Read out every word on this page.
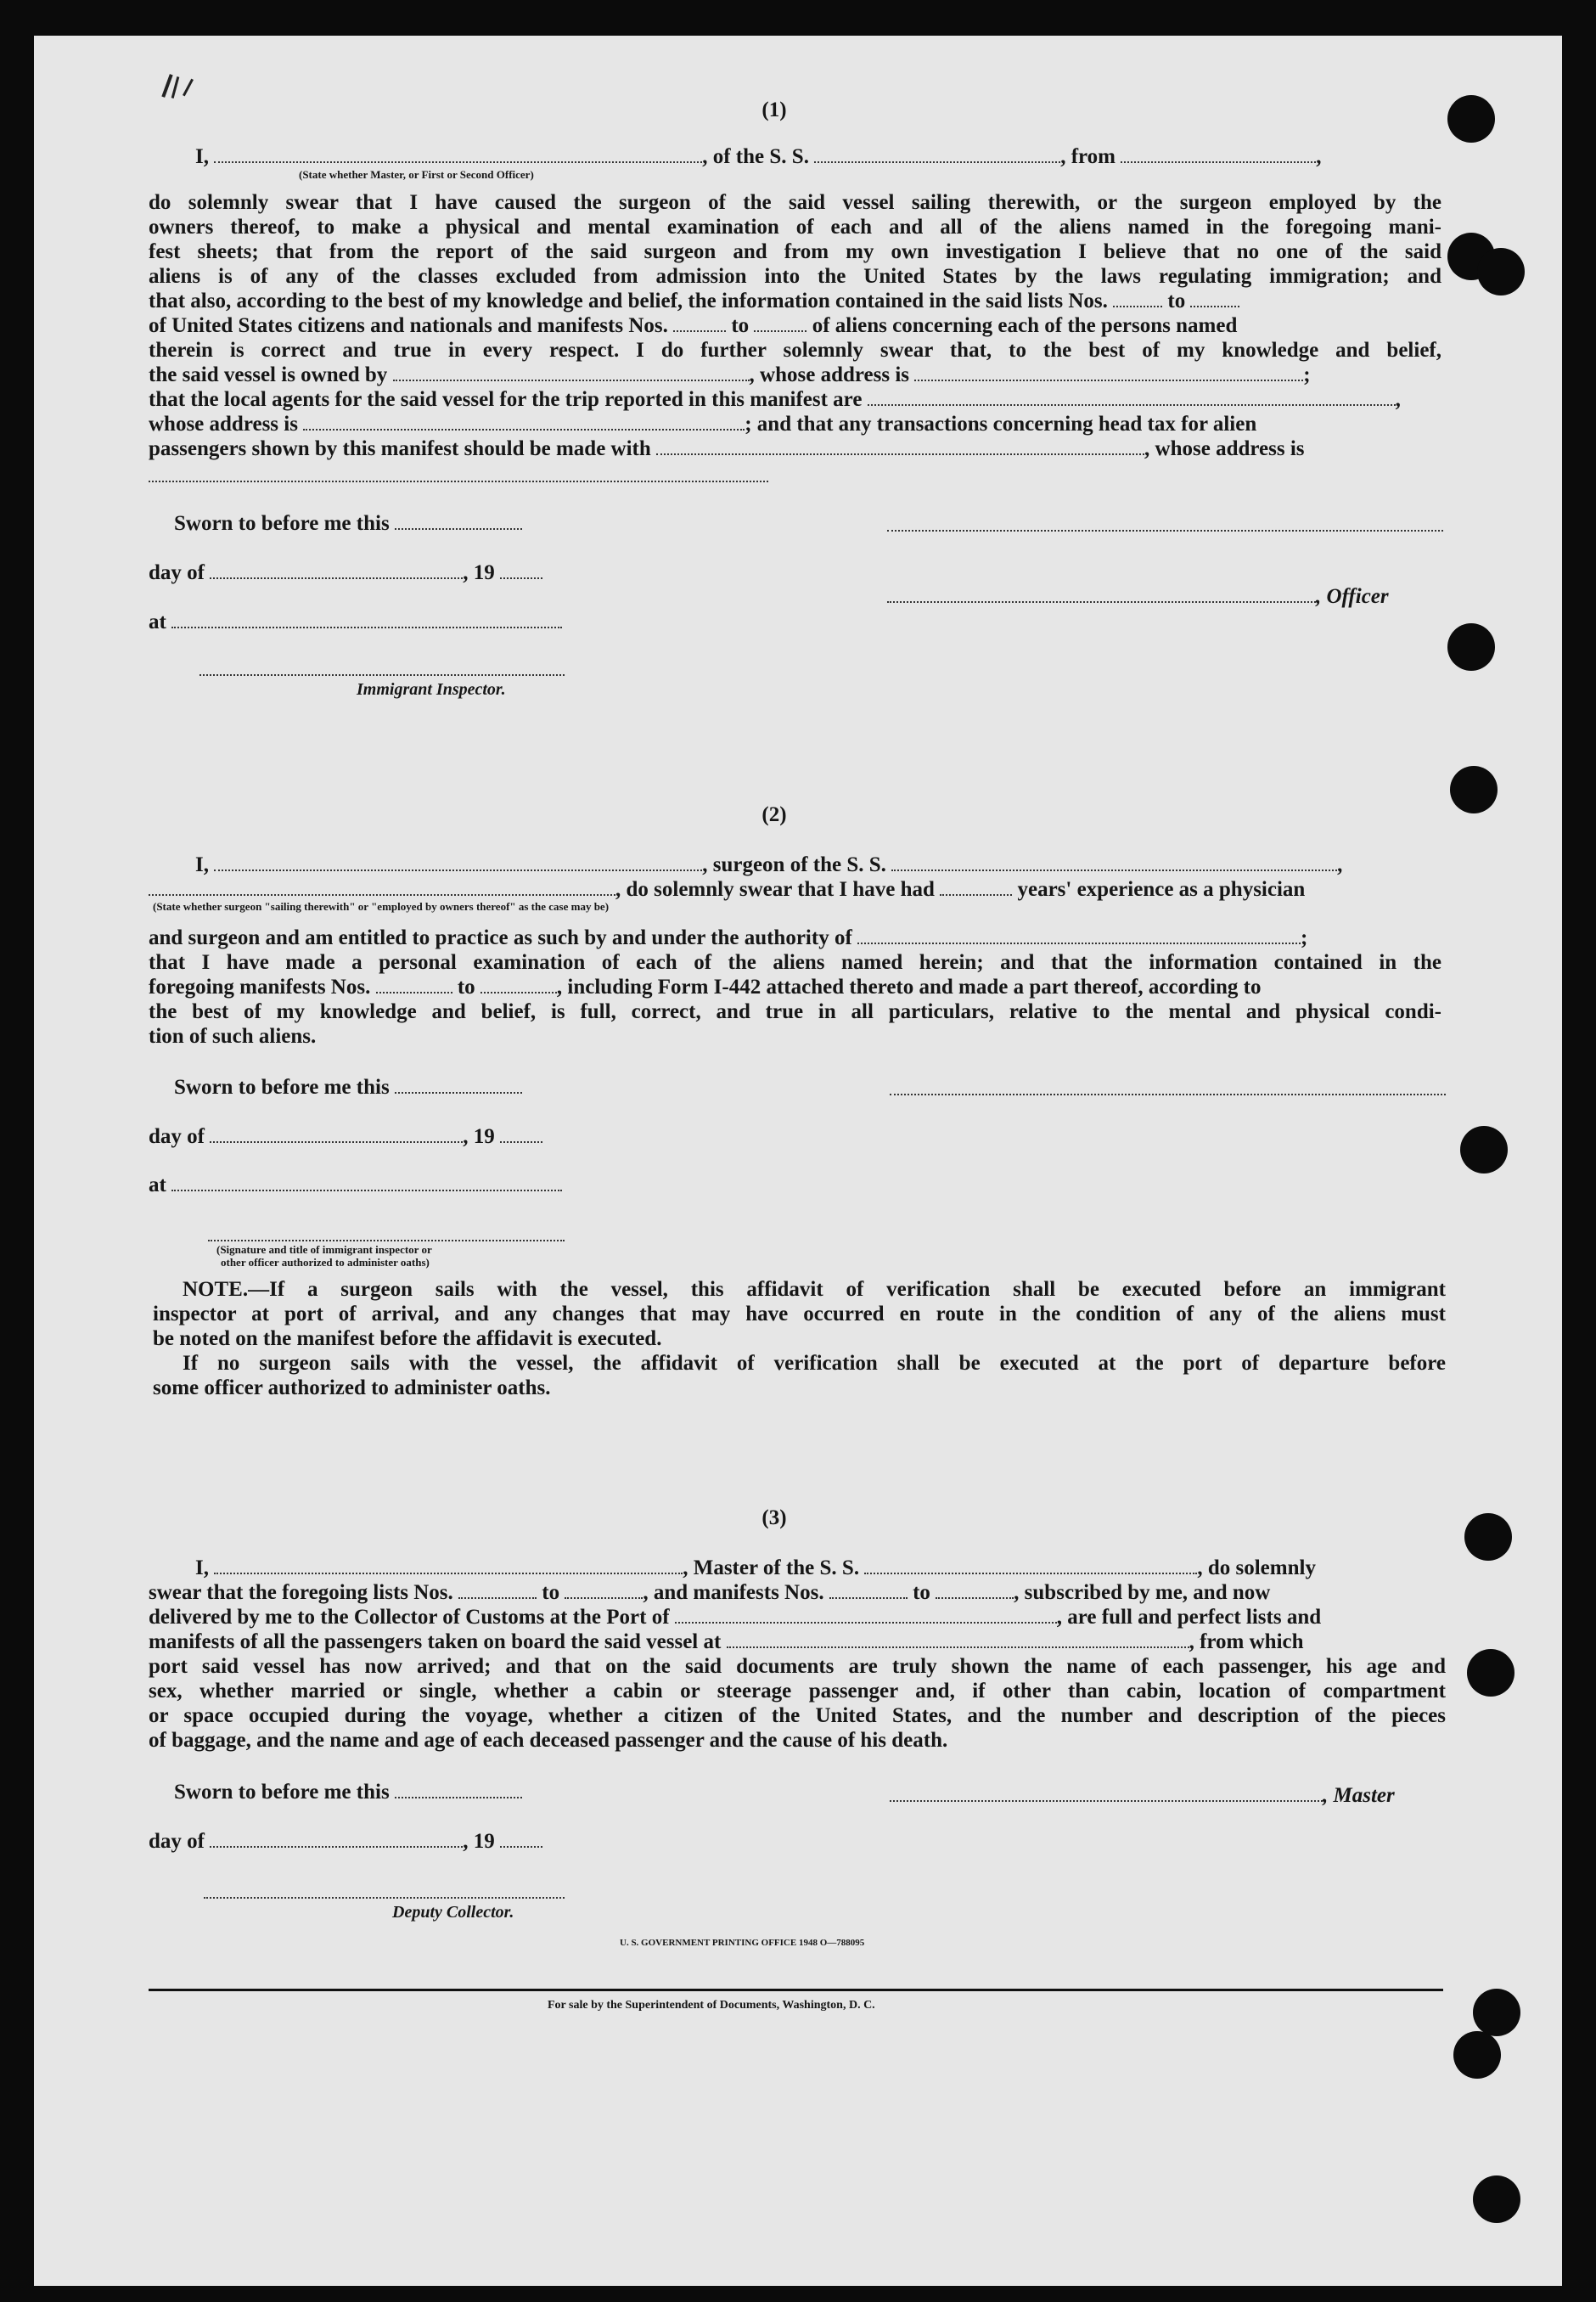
(1)
I,	, of the S. S.	, from	,
(State whether Master, or First or Second Officer)
do solemnly swear that I have caused the surgeon of the said vessel sailing therewith, or the surgeon employed by the
owners thereof, to make a physical and mental examination of each and all of the aliens named in the foregoing mani-
fest sheets; that from the report of the said surgeon and from my own investigation I believe that no one of the said
aliens is of any of the classes excluded from admission into the United States by the laws regulating immigration; and
that also, according to the best of my knowledge and belief, the information contained in the said lists Nos.	to
of United States citizens and nationals and manifests Nos.	to	of aliens concerning each of the persons named
therein is correct and true in every respect. I do further solemnly swear that, to the best of my knowledge and belief,
the said vessel is owned by	, whose address is	;
that the local agents for the said vessel for the trip reported in this manifest are	,
whose address is	; and that any transactions concerning head tax for alien
passengers shown by this manifest should be made with	, whose address is
Sworn to before me this
day of	, 19
, Officer
at
Immigrant Inspector.
(2)
I,	, surgeon of the S. S.	,
, do solemnly swear that I have had	years' experience as a physician
(State whether surgeon "sailing therewith" or "employed by owners thereof" as the case may be)
and surgeon and am entitled to practice as such by and under the authority of	;
that I have made a personal examination of each of the aliens named herein; and that the information contained in the
foregoing manifests Nos.	to	, including Form I-442 attached thereto and made a part thereof, according to
the best of my knowledge and belief, is full, correct, and true in all particulars, relative to the mental and physical condi-
tion of such aliens.
Sworn to before me this
day of	, 19
at
(Signature and title of immigrant inspector or
other officer authorized to administer oaths)
NOTE.—If a surgeon sails with the vessel, this affidavit of verification shall be executed before an immigrant
inspector at port of arrival, and any changes that may have occurred en route in the condition of any of the aliens must
be noted on the manifest before the affidavit is executed.
If no surgeon sails with the vessel, the affidavit of verification shall be executed at the port of departure before
some officer authorized to administer oaths.
(3)
I,	, Master of the S. S.	, do solemnly
swear that the foregoing lists Nos.	to	, and manifests Nos.	to	, subscribed by me, and now
delivered by me to the Collector of Customs at the Port of	, are full and perfect lists and
manifests of all the passengers taken on board the said vessel at	, from which
port said vessel has now arrived; and that on the said documents are truly shown the name of each passenger, his age and
sex, whether married or single, whether a cabin or steerage passenger and, if other than cabin, location of compartment
or space occupied during the voyage, whether a citizen of the United States, and the number and description of the pieces
of baggage, and the name and age of each deceased passenger and the cause of his death.
Sworn to before me this	, Master
day of	, 19
Deputy Collector.
U. S. GOVERNMENT PRINTING OFFICE 1948 O—788095
For sale by the Superintendent of Documents, Washington, D. C.
